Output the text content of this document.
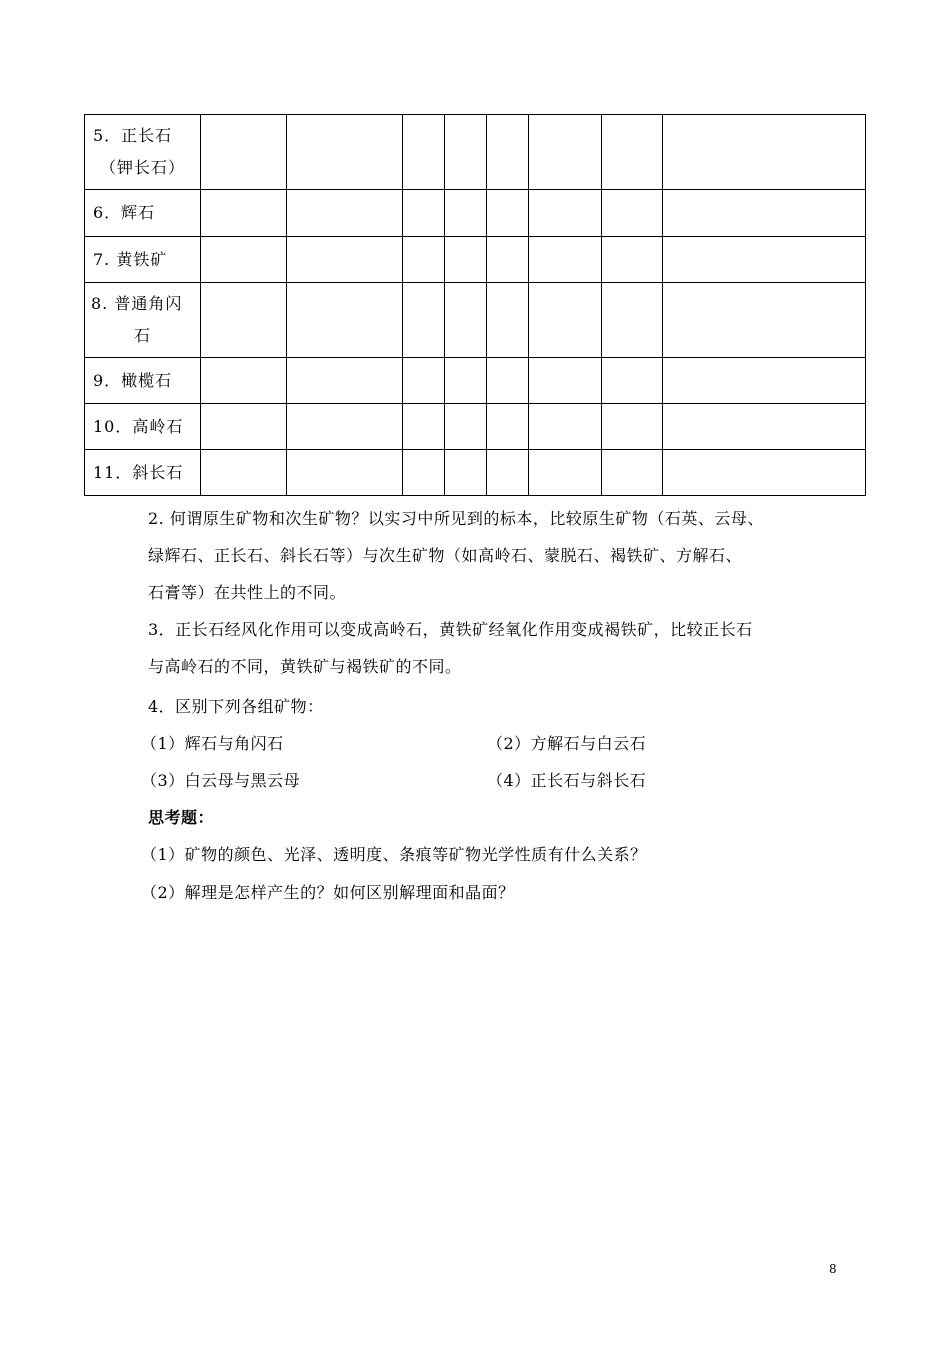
5．正长石
（钾长石）								

6．辉石								

7. 黄铁矿								

8. 普通角闪
石								

9．橄榄石								

10．高岭石								

11．斜长石								

2. 何谓原生矿物和次生矿物？以实习中所见到的标本，比较原生矿物（石英、云母、
绿辉石、正长石、斜长石等）与次生矿物（如高岭石、蒙脱石、褐铁矿、方解石、
石膏等）在共性上的不同。
3．正长石经风化作用可以变成高岭石，黄铁矿经氧化作用变成褐铁矿，比较正长石
与高岭石的不同，黄铁矿与褐铁矿的不同。
4．区别下列各组矿物：
（1）辉石与角闪石	（2）方解石与白云石
（3）白云母与黑云母	（4）正长石与斜长石
思考题：
（1）矿物的颜色、光泽、透明度、条痕等矿物光学性质有什么关系？
（2）解理是怎样产生的？如何区别解理面和晶面？
8
